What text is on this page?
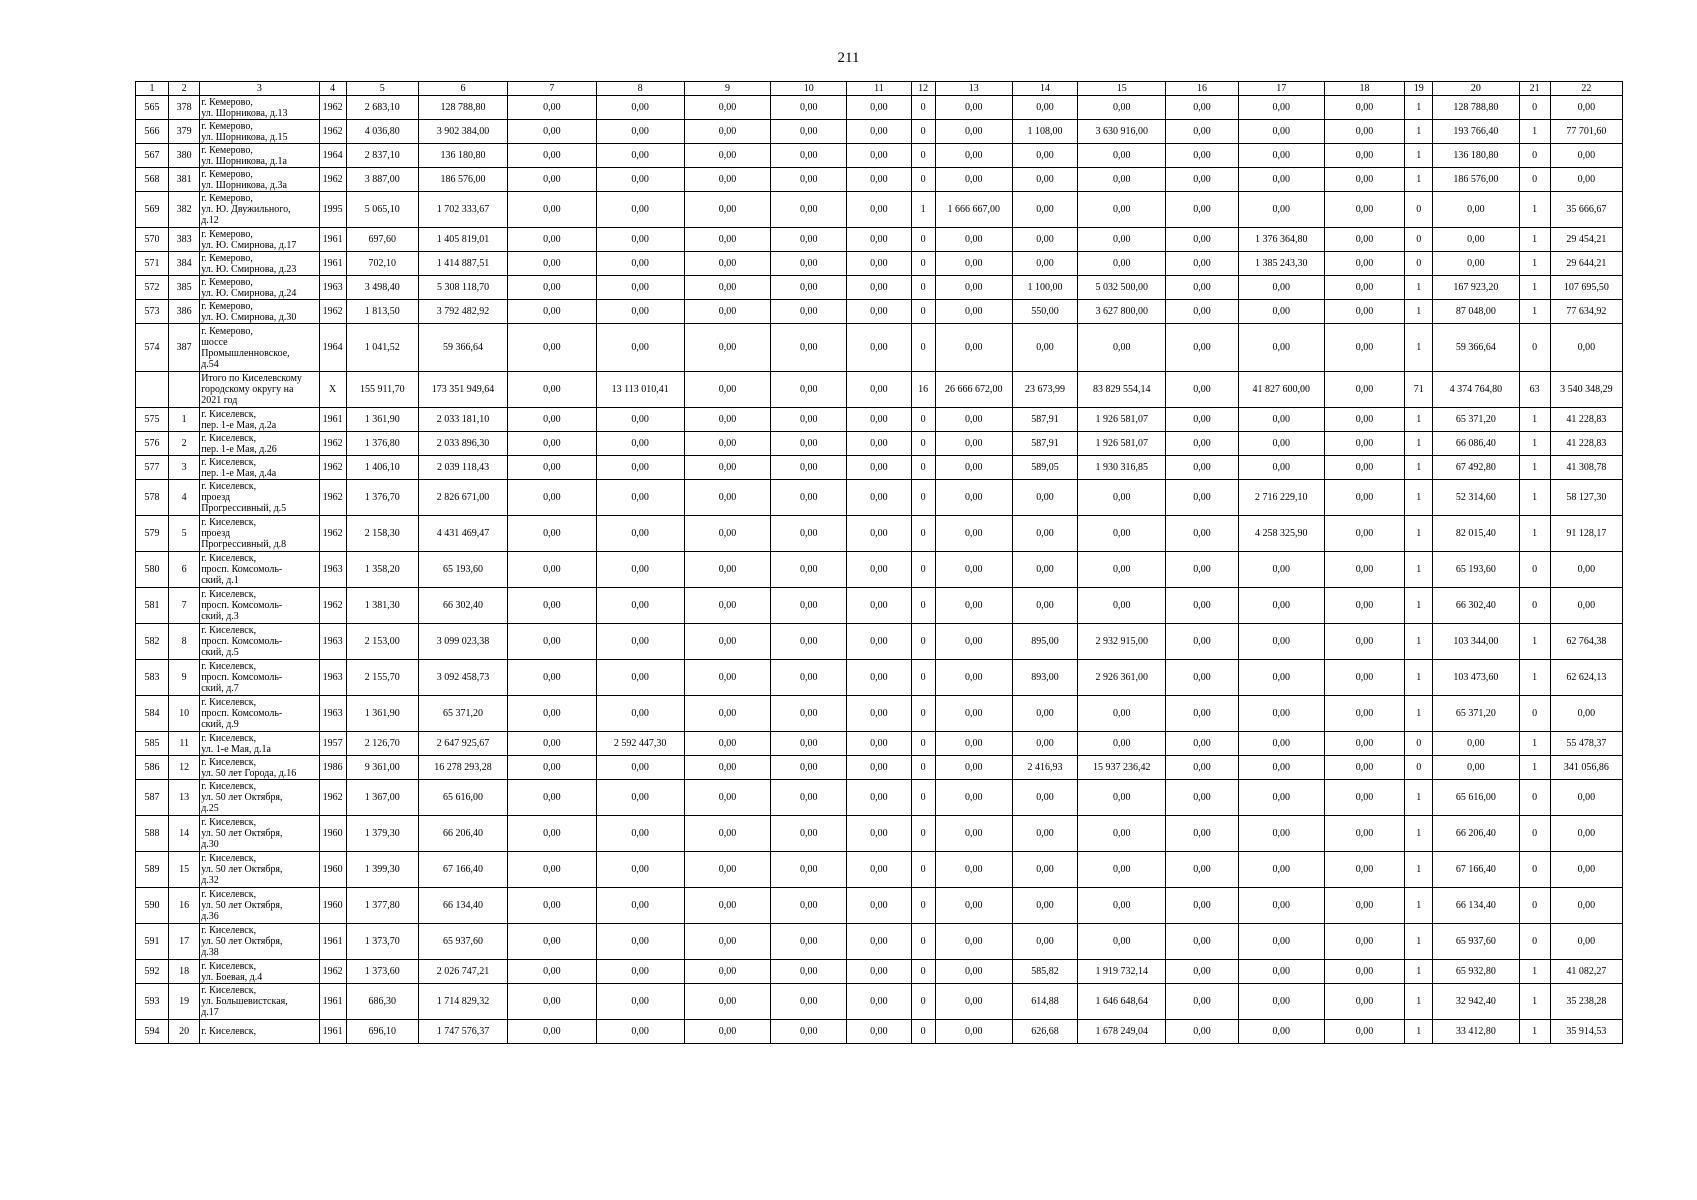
211
1	2	3	4	5	6	7	8	9	10	11	12	13	14	15	16	17	18	19	20	21	22
565	378	г. Кемерово,
ул. Шорникова, д.13	1962	2 683,10	128 788,80	0,00	0,00	0,00	0,00	0,00	0	0,00	0,00	0,00	0,00	0,00	0,00	1	128 788,80	0	0,00
566	379	г. Кемерово,
ул. Шорникова, д.15	1962	4 036,80	3 902 384,00	0,00	0,00	0,00	0,00	0,00	0	0,00	1 108,00	3 630 916,00	0,00	0,00	0,00	1	193 766,40	1	77 701,60
567	380	г. Кемерово,
ул. Шорникова, д.1а	1964	2 837,10	136 180,80	0,00	0,00	0,00	0,00	0,00	0	0,00	0,00	0,00	0,00	0,00	0,00	1	136 180,80	0	0,00
568	381	г. Кемерово,
ул. Шорникова, д.3а	1962	3 887,00	186 576,00	0,00	0,00	0,00	0,00	0,00	0	0,00	0,00	0,00	0,00	0,00	0,00	1	186 576,00	0	0,00
569	382	г. Кемерово,
ул. Ю. Двужильного,
д.12	1995	5 065,10	1 702 333,67	0,00	0,00	0,00	0,00	0,00	1	1 666 667,00	0,00	0,00	0,00	0,00	0,00	0	0,00	1	35 666,67
570	383	г. Кемерово,
ул. Ю. Смирнова, д.17	1961	697,60	1 405 819,01	0,00	0,00	0,00	0,00	0,00	0	0,00	0,00	0,00	0,00	1 376 364,80	0,00	0	0,00	1	29 454,21
571	384	г. Кемерово,
ул. Ю. Смирнова, д.23	1961	702,10	1 414 887,51	0,00	0,00	0,00	0,00	0,00	0	0,00	0,00	0,00	0,00	1 385 243,30	0,00	0	0,00	1	29 644,21
572	385	г. Кемерово,
ул. Ю. Смирнова, д.24	1963	3 498,40	5 308 118,70	0,00	0,00	0,00	0,00	0,00	0	0,00	1 100,00	5 032 500,00	0,00	0,00	0,00	1	167 923,20	1	107 695,50
573	386	г. Кемерово,
ул. Ю. Смирнова, д.30	1962	1 813,50	3 792 482,92	0,00	0,00	0,00	0,00	0,00	0	0,00	550,00	3 627 800,00	0,00	0,00	0,00	1	87 048,00	1	77 634,92
574	387	г. Кемерово,
шоссе
Промышленновское,
д.54	1964	1 041,52	59 366,64	0,00	0,00	0,00	0,00	0,00	0	0,00	0,00	0,00	0,00	0,00	0,00	1	59 366,64	0	0,00
		Итого по Киселевскому
городскому округу на
2021 год	X	155 911,70	173 351 949,64	0,00	13 113 010,41	0,00	0,00	0,00	16	26 666 672,00	23 673,99	83 829 554,14	0,00	41 827 600,00	0,00	71	4 374 764,80	63	3 540 348,29
575	1	г. Киселевск,
пер. 1-е Мая, д.2а	1961	1 361,90	2 033 181,10	0,00	0,00	0,00	0,00	0,00	0	0,00	587,91	1 926 581,07	0,00	0,00	0,00	1	65 371,20	1	41 228,83
576	2	г. Киселевск,
пер. 1-е Мая, д.26	1962	1 376,80	2 033 896,30	0,00	0,00	0,00	0,00	0,00	0	0,00	587,91	1 926 581,07	0,00	0,00	0,00	1	66 086,40	1	41 228,83
577	3	г. Киселевск,
пер. 1-е Мая, д.4а	1962	1 406,10	2 039 118,43	0,00	0,00	0,00	0,00	0,00	0	0,00	589,05	1 930 316,85	0,00	0,00	0,00	1	67 492,80	1	41 308,78
578	4	г. Киселевск,
проезд
Прогрессивный, д.5	1962	1 376,70	2 826 671,00	0,00	0,00	0,00	0,00	0,00	0	0,00	0,00	0,00	0,00	2 716 229,10	0,00	1	52 314,60	1	58 127,30
579	5	г. Киселевск,
проезд
Прогрессивный, д.8	1962	2 158,30	4 431 469,47	0,00	0,00	0,00	0,00	0,00	0	0,00	0,00	0,00	0,00	4 258 325,90	0,00	1	82 015,40	1	91 128,17
580	6	г. Киселевск,
просп. Комсомоль-
ский, д.1	1963	1 358,20	65 193,60	0,00	0,00	0,00	0,00	0,00	0	0,00	0,00	0,00	0,00	0,00	0,00	1	65 193,60	0	0,00
581	7	г. Киселевск,
просп. Комсомоль-
ский, д.3	1962	1 381,30	66 302,40	0,00	0,00	0,00	0,00	0,00	0	0,00	0,00	0,00	0,00	0,00	0,00	1	66 302,40	0	0,00
582	8	г. Киселевск,
просп. Комсомоль-
ский, д.5	1963	2 153,00	3 099 023,38	0,00	0,00	0,00	0,00	0,00	0	0,00	895,00	2 932 915,00	0,00	0,00	0,00	1	103 344,00	1	62 764,38
583	9	г. Киселевск,
просп. Комсомоль-
ский, д.7	1963	2 155,70	3 092 458,73	0,00	0,00	0,00	0,00	0,00	0	0,00	893,00	2 926 361,00	0,00	0,00	0,00	1	103 473,60	1	62 624,13
584	10	г. Киселевск,
просп. Комсомоль-
ский, д.9	1963	1 361,90	65 371,20	0,00	0,00	0,00	0,00	0,00	0	0,00	0,00	0,00	0,00	0,00	0,00	1	65 371,20	0	0,00
585	11	г. Киселевск,
ул. 1-е Мая, д.1а	1957	2 126,70	2 647 925,67	0,00	2 592 447,30	0,00	0,00	0,00	0	0,00	0,00	0,00	0,00	0,00	0,00	0	0,00	1	55 478,37
586	12	г. Киселевск,
ул. 50 лет Города, д.16	1986	9 361,00	16 278 293,28	0,00	0,00	0,00	0,00	0,00	0	0,00	2 416,93	15 937 236,42	0,00	0,00	0,00	0	0,00	1	341 056,86
587	13	г. Киселевск,
ул. 50 лет Октября,
д.25	1962	1 367,00	65 616,00	0,00	0,00	0,00	0,00	0,00	0	0,00	0,00	0,00	0,00	0,00	0,00	1	65 616,00	0	0,00
588	14	г. Киселевск,
ул. 50 лет Октября,
д.30	1960	1 379,30	66 206,40	0,00	0,00	0,00	0,00	0,00	0	0,00	0,00	0,00	0,00	0,00	0,00	1	66 206,40	0	0,00
589	15	г. Киселевск,
ул. 50 лет Октября,
д.32	1960	1 399,30	67 166,40	0,00	0,00	0,00	0,00	0,00	0	0,00	0,00	0,00	0,00	0,00	0,00	1	67 166,40	0	0,00
590	16	г. Киселевск,
ул. 50 лет Октября,
д.36	1960	1 377,80	66 134,40	0,00	0,00	0,00	0,00	0,00	0	0,00	0,00	0,00	0,00	0,00	0,00	1	66 134,40	0	0,00
591	17	г. Киселевск,
ул. 50 лет Октября,
д.38	1961	1 373,70	65 937,60	0,00	0,00	0,00	0,00	0,00	0	0,00	0,00	0,00	0,00	0,00	0,00	1	65 937,60	0	0,00
592	18	г. Киселевск,
ул. Боевая, д.4	1962	1 373,60	2 026 747,21	0,00	0,00	0,00	0,00	0,00	0	0,00	585,82	1 919 732,14	0,00	0,00	0,00	1	65 932,80	1	41 082,27
593	19	г. Киселевск,
ул. Большевистская,
д.17	1961	686,30	1 714 829,32	0,00	0,00	0,00	0,00	0,00	0	0,00	614,88	1 646 648,64	0,00	0,00	0,00	1	32 942,40	1	35 238,28
594	20	г. Киселевск,	1961	696,10	1 747 576,37	0,00	0,00	0,00	0,00	0,00	0	0,00	626,68	1 678 249,04	0,00	0,00	0,00	1	33 412,80	1	35 914,53
